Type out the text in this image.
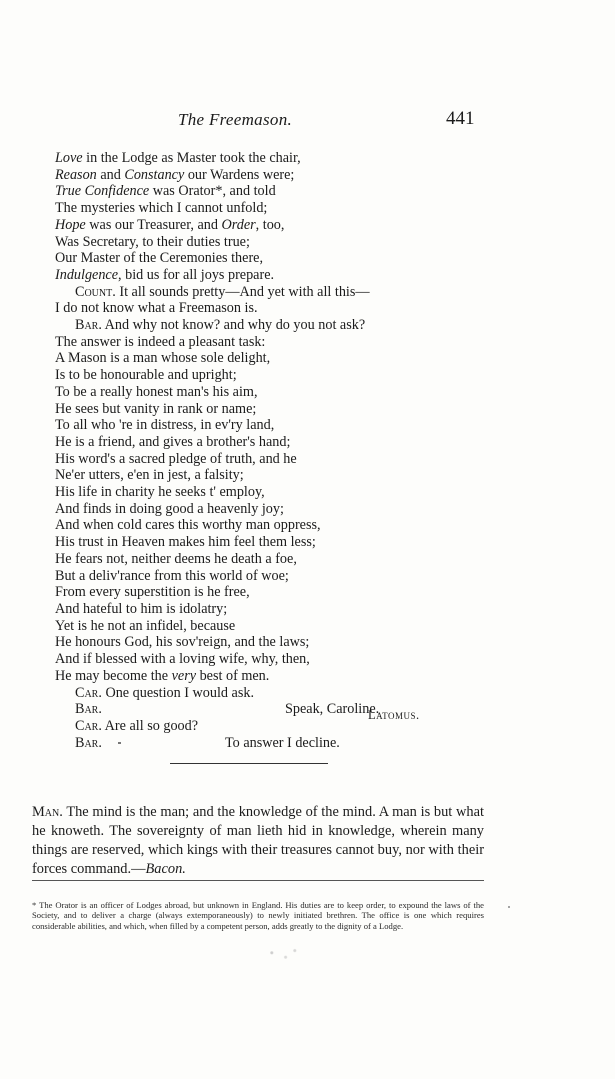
The Freemason.	441
Love in the Lodge as Master took the chair,
Reason and Constancy our Wardens were;
True Confidence was Orator*, and told
The mysteries which I cannot unfold;
Hope was our Treasurer, and Order, too,
Was Secretary, to their duties true;
Our Master of the Ceremonies there,
Indulgence, bid us for all joys prepare.
Count. It all sounds pretty—And yet with all this—
I do not know what a Freemason is.
Bar. And why not know? and why do you not ask?
The answer is indeed a pleasant task:
A Mason is a man whose sole delight,
Is to be honourable and upright;
To be a really honest man's his aim,
He sees but vanity in rank or name;
To all who 're in distress, in ev'ry land,
He is a friend, and gives a brother's hand;
His word's a sacred pledge of truth, and he
Ne'er utters, e'en in jest, a falsity;
His life in charity he seeks t' employ,
And finds in doing good a heavenly joy;
And when cold cares this worthy man oppress,
His trust in Heaven makes him feel them less;
He fears not, neither deems he death a foe,
But a deliv'rance from this world of woe;
From every superstition is he free,
And hateful to him is idolatry;
Yet is he not an infidel, because
He honours God, his sov'reign, and the laws;
And if blessed with a loving wife, why, then,
He may become the very best of men.
Car. One question I would ask.
Bar.	Speak, Caroline.
Car. Are all so good?
Bar.	To answer I decline.
Latomus.
Man. The mind is the man; and the knowledge of the mind. A man is but what he knoweth. The sovereignty of man lieth hid in knowledge, wherein many things are reserved, which kings with their treasures cannot buy, nor with their forces command.—Bacon.
* The Orator is an officer of Lodges abroad, but unknown in England. His duties are to keep order, to expound the laws of the Society, and to deliver a charge (always extemporaneously) to newly initiated brethren. The office is one which requires considerable abilities, and which, when filled by a competent person, adds greatly to the dignity of a Lodge.
